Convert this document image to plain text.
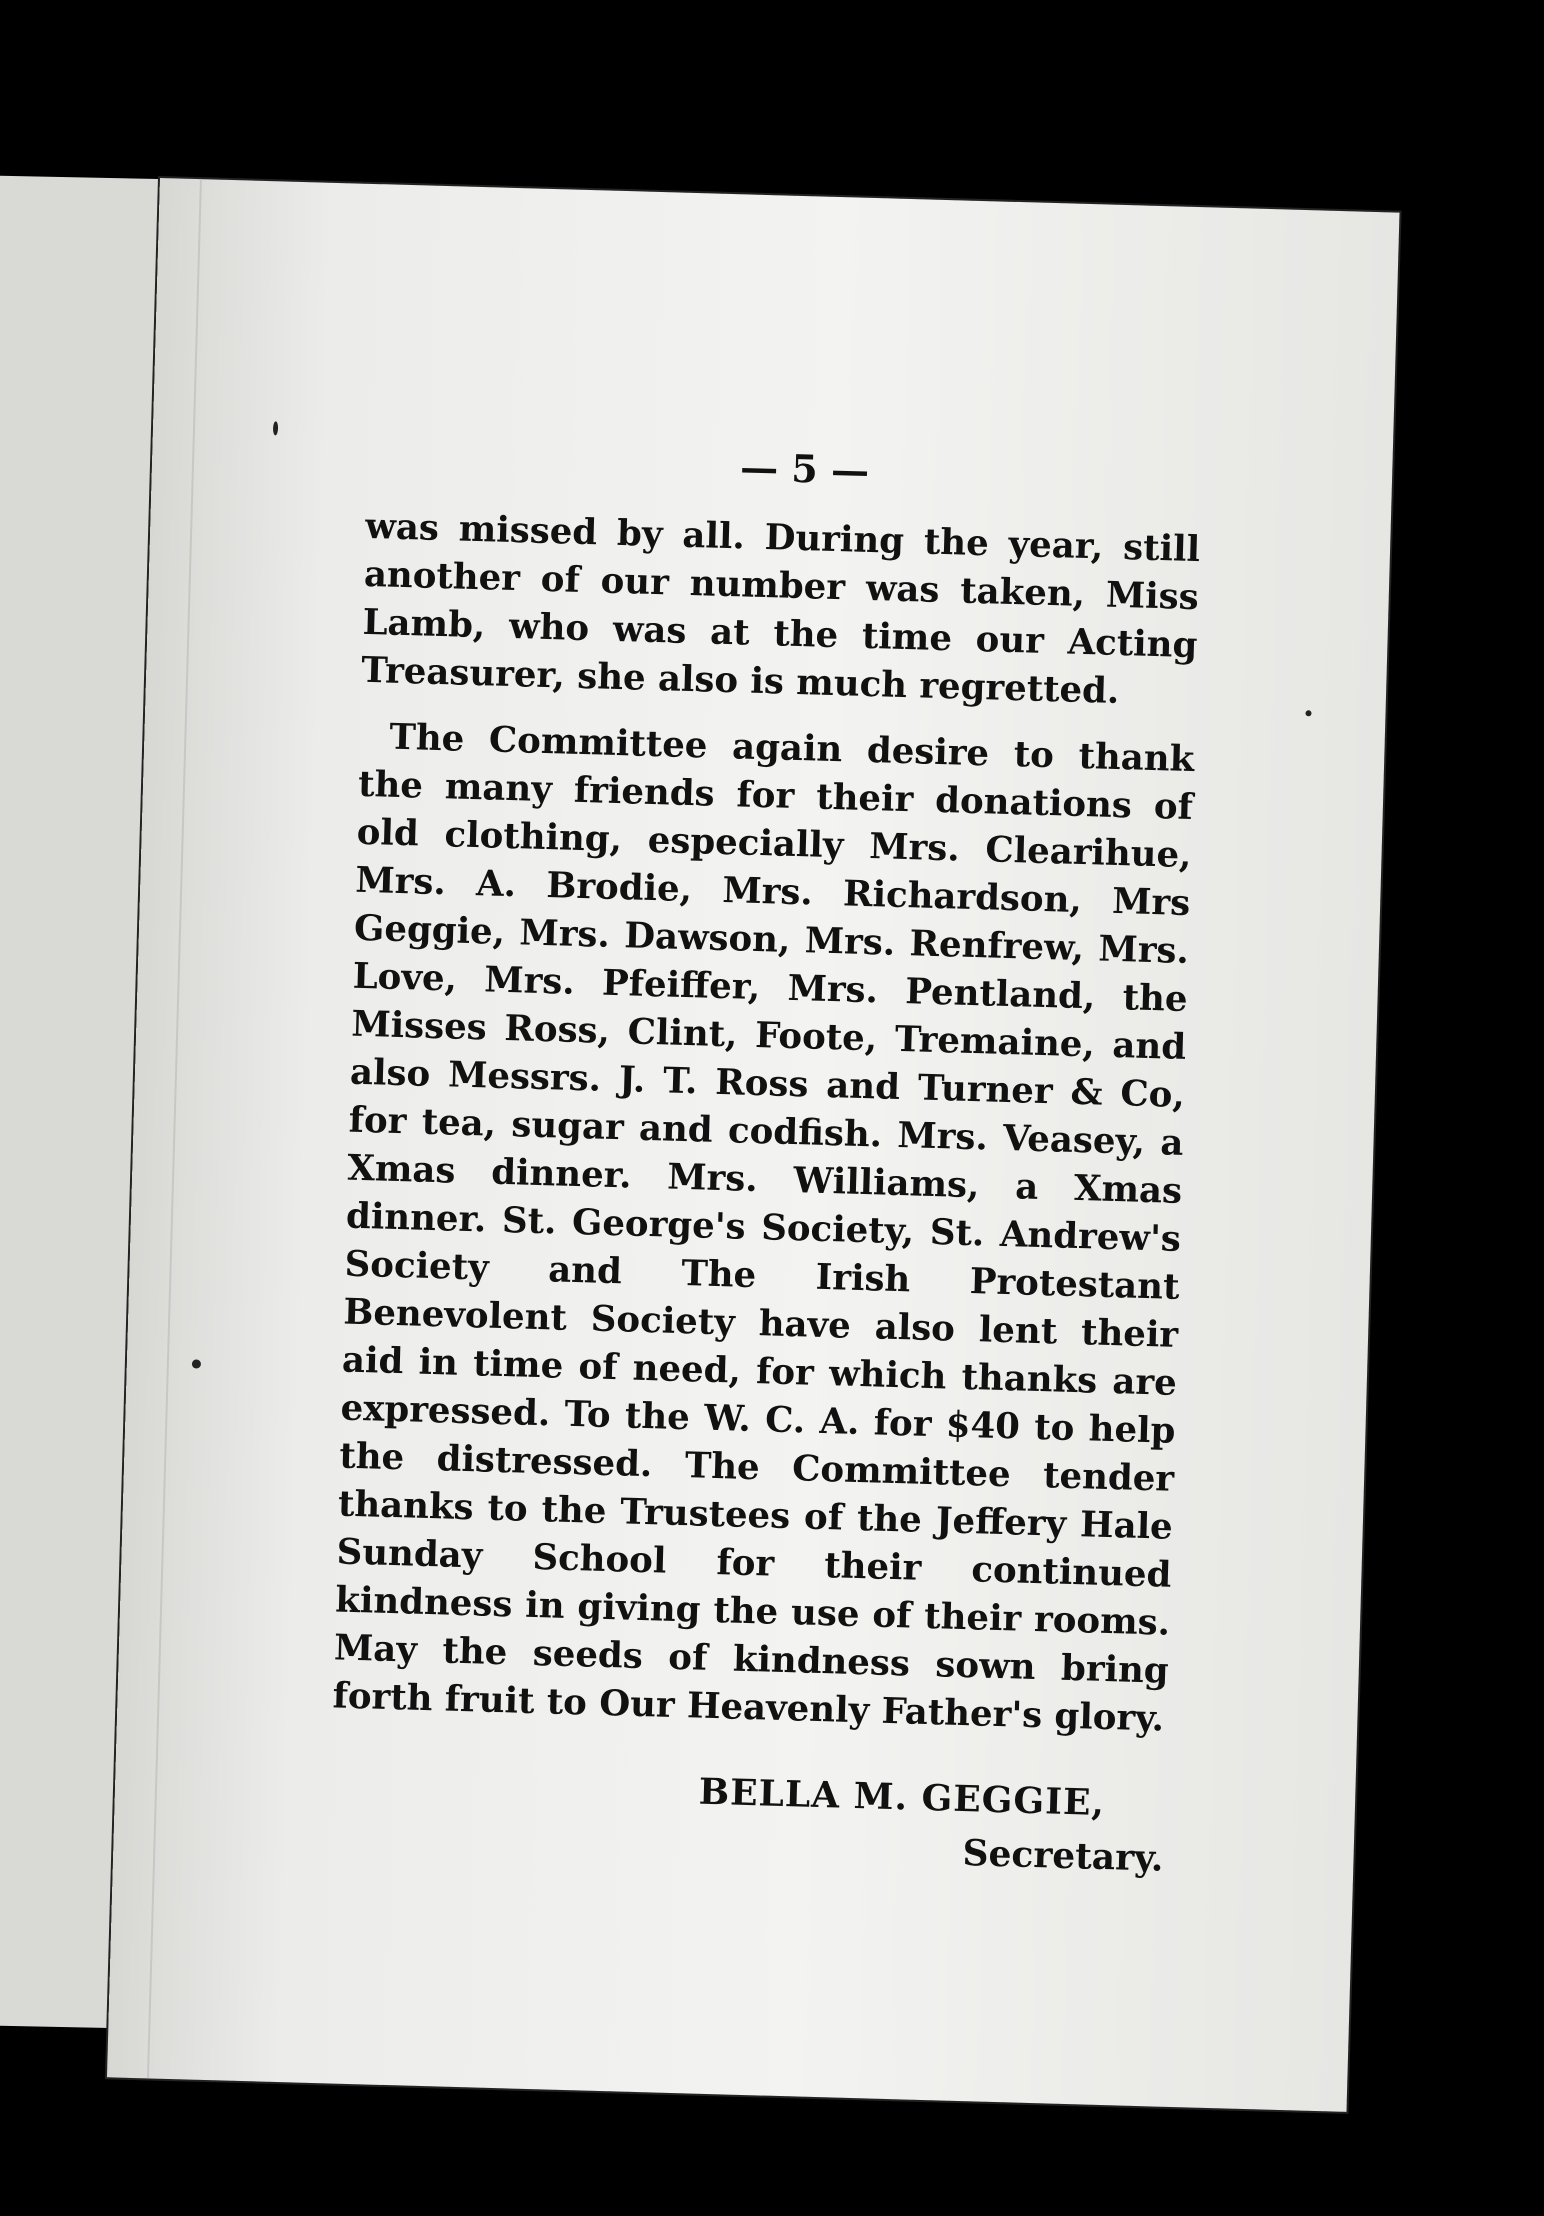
— 5 —

was missed by all. During the year, still another of our number was taken, Miss Lamb, who was at the time our Acting Treasurer, she also is much regretted.

The Committee again desire to thank the many friends for their donations of old clothing, especially Mrs. Clearihue, Mrs. A. Brodie, Mrs. Richardson, Mrs Geggie, Mrs. Dawson, Mrs. Renfrew, Mrs. Love, Mrs. Pfeiffer, Mrs. Pentland, the Misses Ross, Clint, Foote, Tremaine, and also Messrs. J. T. Ross and Turner & Co, for tea, sugar and codfish. Mrs. Veasey, a Xmas dinner. Mrs. Williams, a Xmas dinner. St. George's Society, St. Andrew's Society and The Irish Protestant Benevolent Society have also lent their aid in time of need, for which thanks are expressed. To the W. C. A. for $40 to help the distressed. The Committee tender thanks to the Trustees of the Jeffery Hale Sunday School for their continued kindness in giving the use of their rooms. May the seeds of kindness sown bring forth fruit to Our Heavenly Father's glory.

BELLA M. GEGGIE,
Secretary.
